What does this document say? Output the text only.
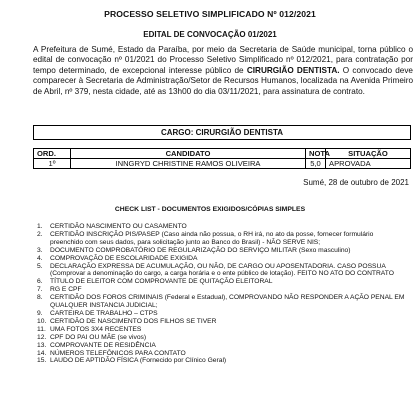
PROCESSO SELETIVO SIMPLIFICADO Nº 012/2021
EDITAL DE CONVOCAÇÃO 01/2021
A Prefeitura de Sumé, Estado da Paraíba, por meio da Secretaria de Saúde municipal, torna público o edital de convocação nº 01/2021 do Processo Seletivo Simplificado nº 012/2021, para contratação por tempo determinado, de excepcional interesse público de CIRURGIÃO DENTISTA. O convocado deve comparecer à Secretaria de Administração/Setor de Recursos Humanos, localizada na Avenida Primeiro de Abril, nº 379, nesta cidade, até as 13h00 do dia 03/11/2021, para assinatura de contrato.
CARGO: CIRURGIÃO DENTISTA
ORD.	CANDIDATO	NOTA	SITUAÇÃO
1º	INNGRYD CHRISTINE RAMOS OLIVEIRA	5,0	APROVADA
Sumé, 28 de outubro de 2021
CHECK LIST - DOCUMENTOS EXIGIDOS/CÓPIAS SIMPLES
1. CERTIDÃO NASCIMENTO OU CASAMENTO
2. CERTIDÃO INSCRIÇÃO PIS/PASEP (Caso ainda não possua, o RH irá, no ato da posse, fornecer formulário preenchido com seus dados, para solicitação junto ao Banco do Brasil) - NÃO SERVE NIS;
3. DOCUMENTO COMPROBATÓRIO DE REGULARIZAÇÃO DO SERVIÇO MILITAR (Sexo masculino)
4. COMPROVAÇÃO DE ESCOLARIDADE EXIGIDA
5. DECLARAÇÃO EXPRESSA DE ACUMULAÇÃO, OU NÃO, DE CARGO OU APOSENTADORIA. CASO POSSUA (Comprovar a denominação do cargo, a carga horária e o ente público de lotação). FEITO NO ATO DO CONTRATO
6. TÍTULO DE ELEITOR COM COMPROVANTE DE QUITAÇÃO ELEITORAL
7. RG E CPF
8. CERTIDÃO DOS FOROS CRIMINAIS (Federal e Estadual), COMPROVANDO NÃO RESPONDER A AÇÃO PENAL EM QUALQUER INSTANCIA JUDICIAL;
9. CARTEIRA DE TRABALHO – CTPS
10. CERTIDÃO DE NASCIMENTO DOS FILHOS SE TIVER
11. UMA FOTOS 3X4 RECENTES
12. CPF DO PAI OU MÃE (se vivos)
13. COMPROVANTE DE RESIDÊNCIA
14. NÚMEROS TELEFÔNICOS PARA CONTATO
15. LAUDO DE APTIDÃO FÍSICA (Fornecido por Clínico Geral)
